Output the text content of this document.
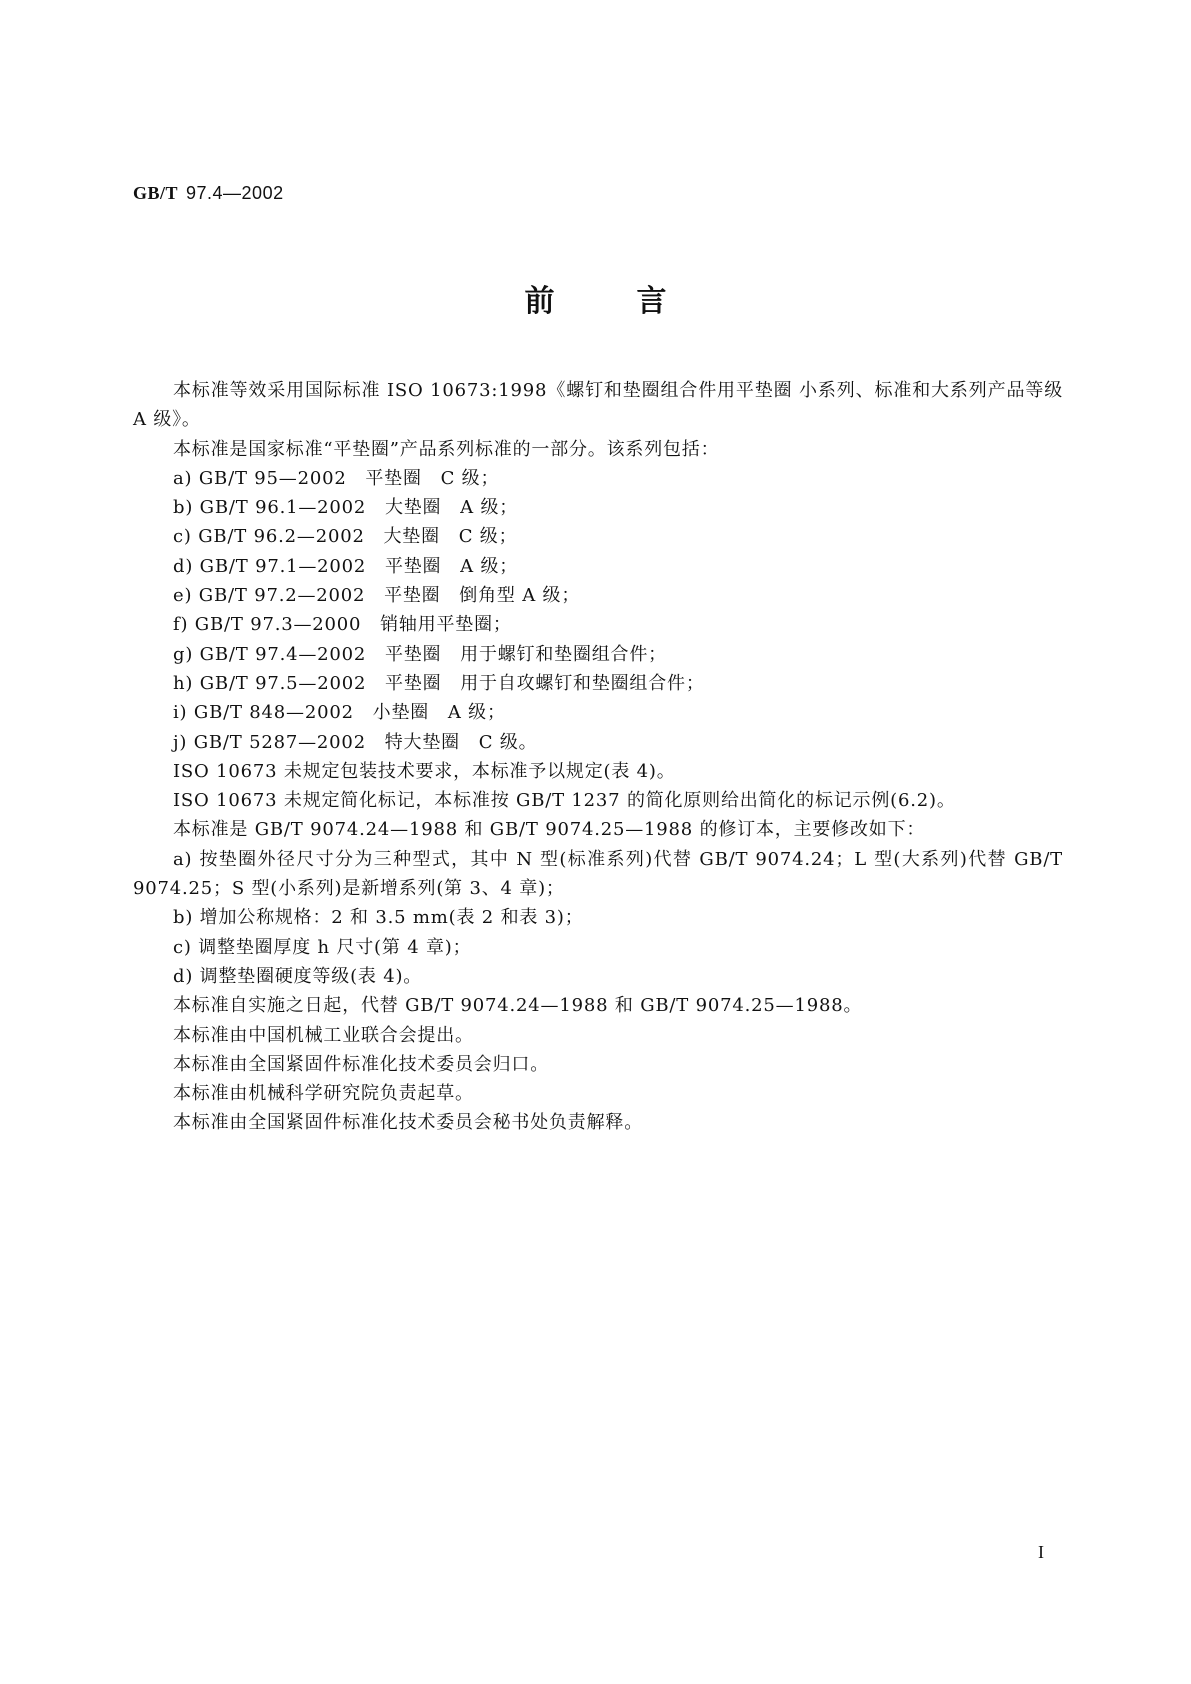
GB/T 97.4—2002
前言

本标准等效采用国际标准 ISO 10673:1998《螺钉和垫圈组合件用平垫圈 小系列、标准和大系列产品等级 A 级》。

本标准是国家标准“平垫圈”产品系列标准的一部分。该系列包括：

a) GB/T 95—2002　平垫圈　C 级；

b) GB/T 96.1—2002　大垫圈　A 级；

c) GB/T 96.2—2002　大垫圈　C 级；

d) GB/T 97.1—2002　平垫圈　A 级；

e) GB/T 97.2—2002　平垫圈　倒角型 A 级；

f) GB/T 97.3—2000　销轴用平垫圈；

g) GB/T 97.4—2002　平垫圈　用于螺钉和垫圈组合件；

h) GB/T 97.5—2002　平垫圈　用于自攻螺钉和垫圈组合件；

i) GB/T 848—2002　小垫圈　A 级；

j) GB/T 5287—2002　特大垫圈　C 级。

ISO 10673 未规定包装技术要求，本标准予以规定(表 4)。

ISO 10673 未规定简化标记，本标准按 GB/T 1237 的简化原则给出简化的标记示例(6.2)。

本标准是 GB/T 9074.24—1988 和 GB/T 9074.25—1988 的修订本，主要修改如下：

a) 按垫圈外径尺寸分为三种型式，其中 N 型(标准系列)代替 GB/T 9074.24；L 型(大系列)代替 GB/T 9074.25；S 型(小系列)是新增系列(第 3、4 章)；

b) 增加公称规格：2 和 3.5 mm(表 2 和表 3)；

c) 调整垫圈厚度 h 尺寸(第 4 章)；

d) 调整垫圈硬度等级(表 4)。

本标准自实施之日起，代替 GB/T 9074.24—1988 和 GB/T 9074.25—1988。

本标准由中国机械工业联合会提出。

本标准由全国紧固件标准化技术委员会归口。

本标准由机械科学研究院负责起草。

本标准由全国紧固件标准化技术委员会秘书处负责解释。

I
